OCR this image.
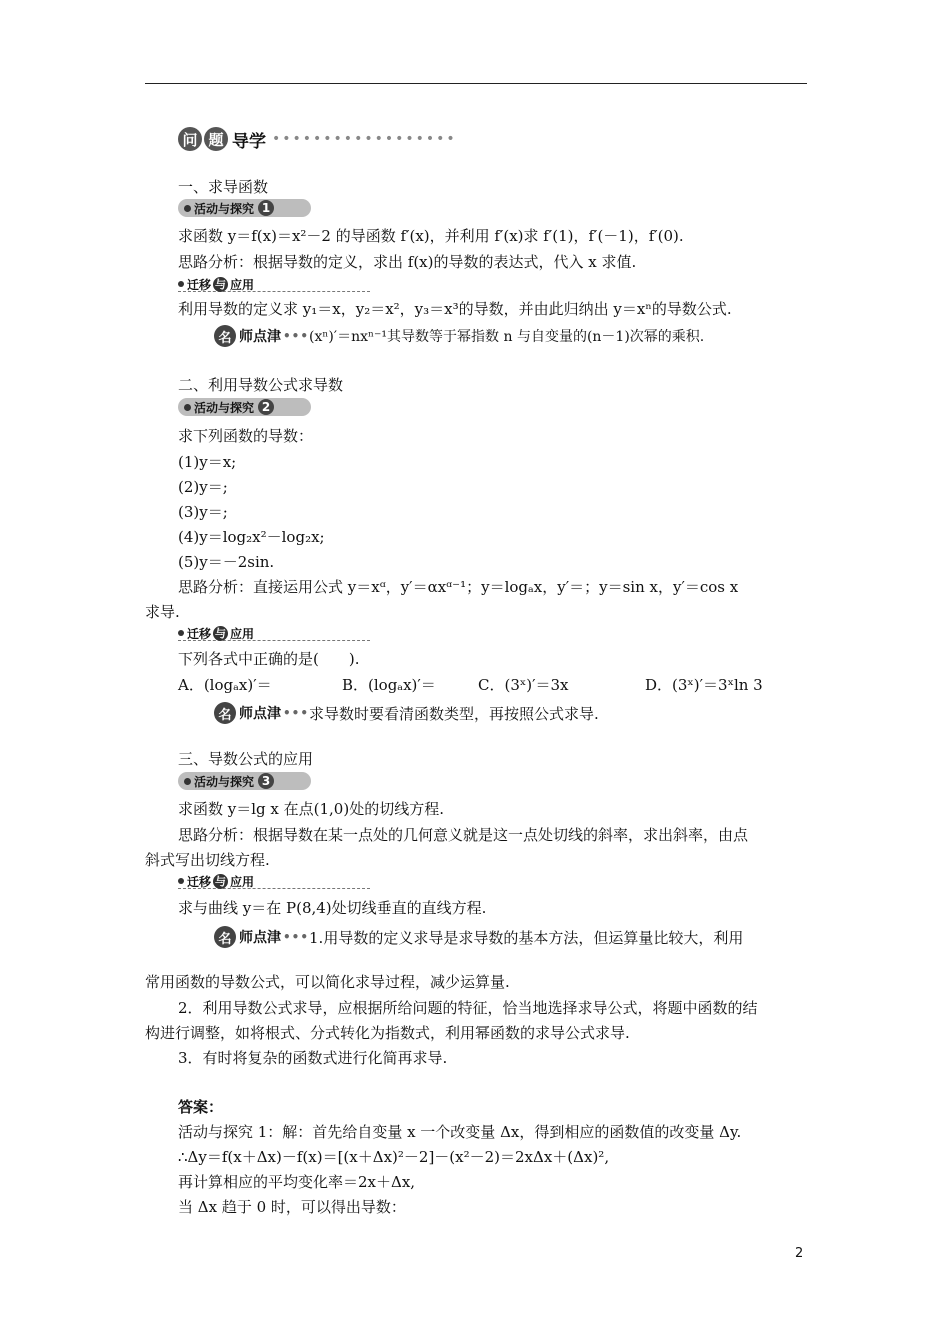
问 题 导学 ••••••••••••••••••
一、求导函数
活动与探究 1
求函数 y＝f(x)＝x²－2 的导函数 f′(x)，并利用 f′(x)求 f′(1)，f′(－1)，f′(0).
思路分析：根据导数的定义，求出 f(x)的导数的表达式，代入 x 求值.
迁移 与 应用
利用导数的定义求 y₁＝x，y₂＝x²，y₃＝x³的导数，并由此归纳出 y＝xⁿ的导数公式.
名 师点津 ••• (xⁿ)′＝nxⁿ⁻¹其导数等于幂指数 n 与自变量的(n－1)次幂的乘积.
二、利用导数公式求导数
活动与探究 2
求下列函数的导数：
(1)y＝x;
(2)y＝;
(3)y＝;
(4)y＝log₂x²－log₂x;
(5)y＝－2sin.
思路分析：直接运用公式 y＝xᵅ，y′＝αxᵅ⁻¹；y＝logₐx，y′＝；y＝sin x，y′＝cos x
求导.
迁移 与 应用
下列各式中正确的是(　　).
A．(logₐx)′＝	B．(logₐx)′＝	C．(3ˣ)′＝3x	D．(3ˣ)′＝3ˣln 3
名 师点津 ••• 求导数时要看清函数类型，再按照公式求导.
三、导数公式的应用
活动与探究 3
求函数 y＝lg x 在点(1,0)处的切线方程.
思路分析：根据导数在某一点处的几何意义就是这一点处切线的斜率，求出斜率，由点
斜式写出切线方程.
迁移 与 应用
求与曲线 y＝在 P(8,4)处切线垂直的直线方程.
名 师点津 ••• 1.用导数的定义求导是求导数的基本方法，但运算量比较大，利用
常用函数的导数公式，可以简化求导过程，减少运算量.
2．利用导数公式求导，应根据所给问题的特征，恰当地选择求导公式，将题中函数的结
构进行调整，如将根式、分式转化为指数式，利用幂函数的求导公式求导.
3．有时将复杂的函数式进行化简再求导.
答案：
活动与探究 1：解：首先给自变量 x 一个改变量 Δx，得到相应的函数值的改变量 Δy.
∴Δy＝f(x＋Δx)－f(x)＝[(x＋Δx)²－2]－(x²－2)＝2xΔx＋(Δx)²,
再计算相应的平均变化率＝2x＋Δx,
当 Δx 趋于 0 时，可以得出导数：
2
